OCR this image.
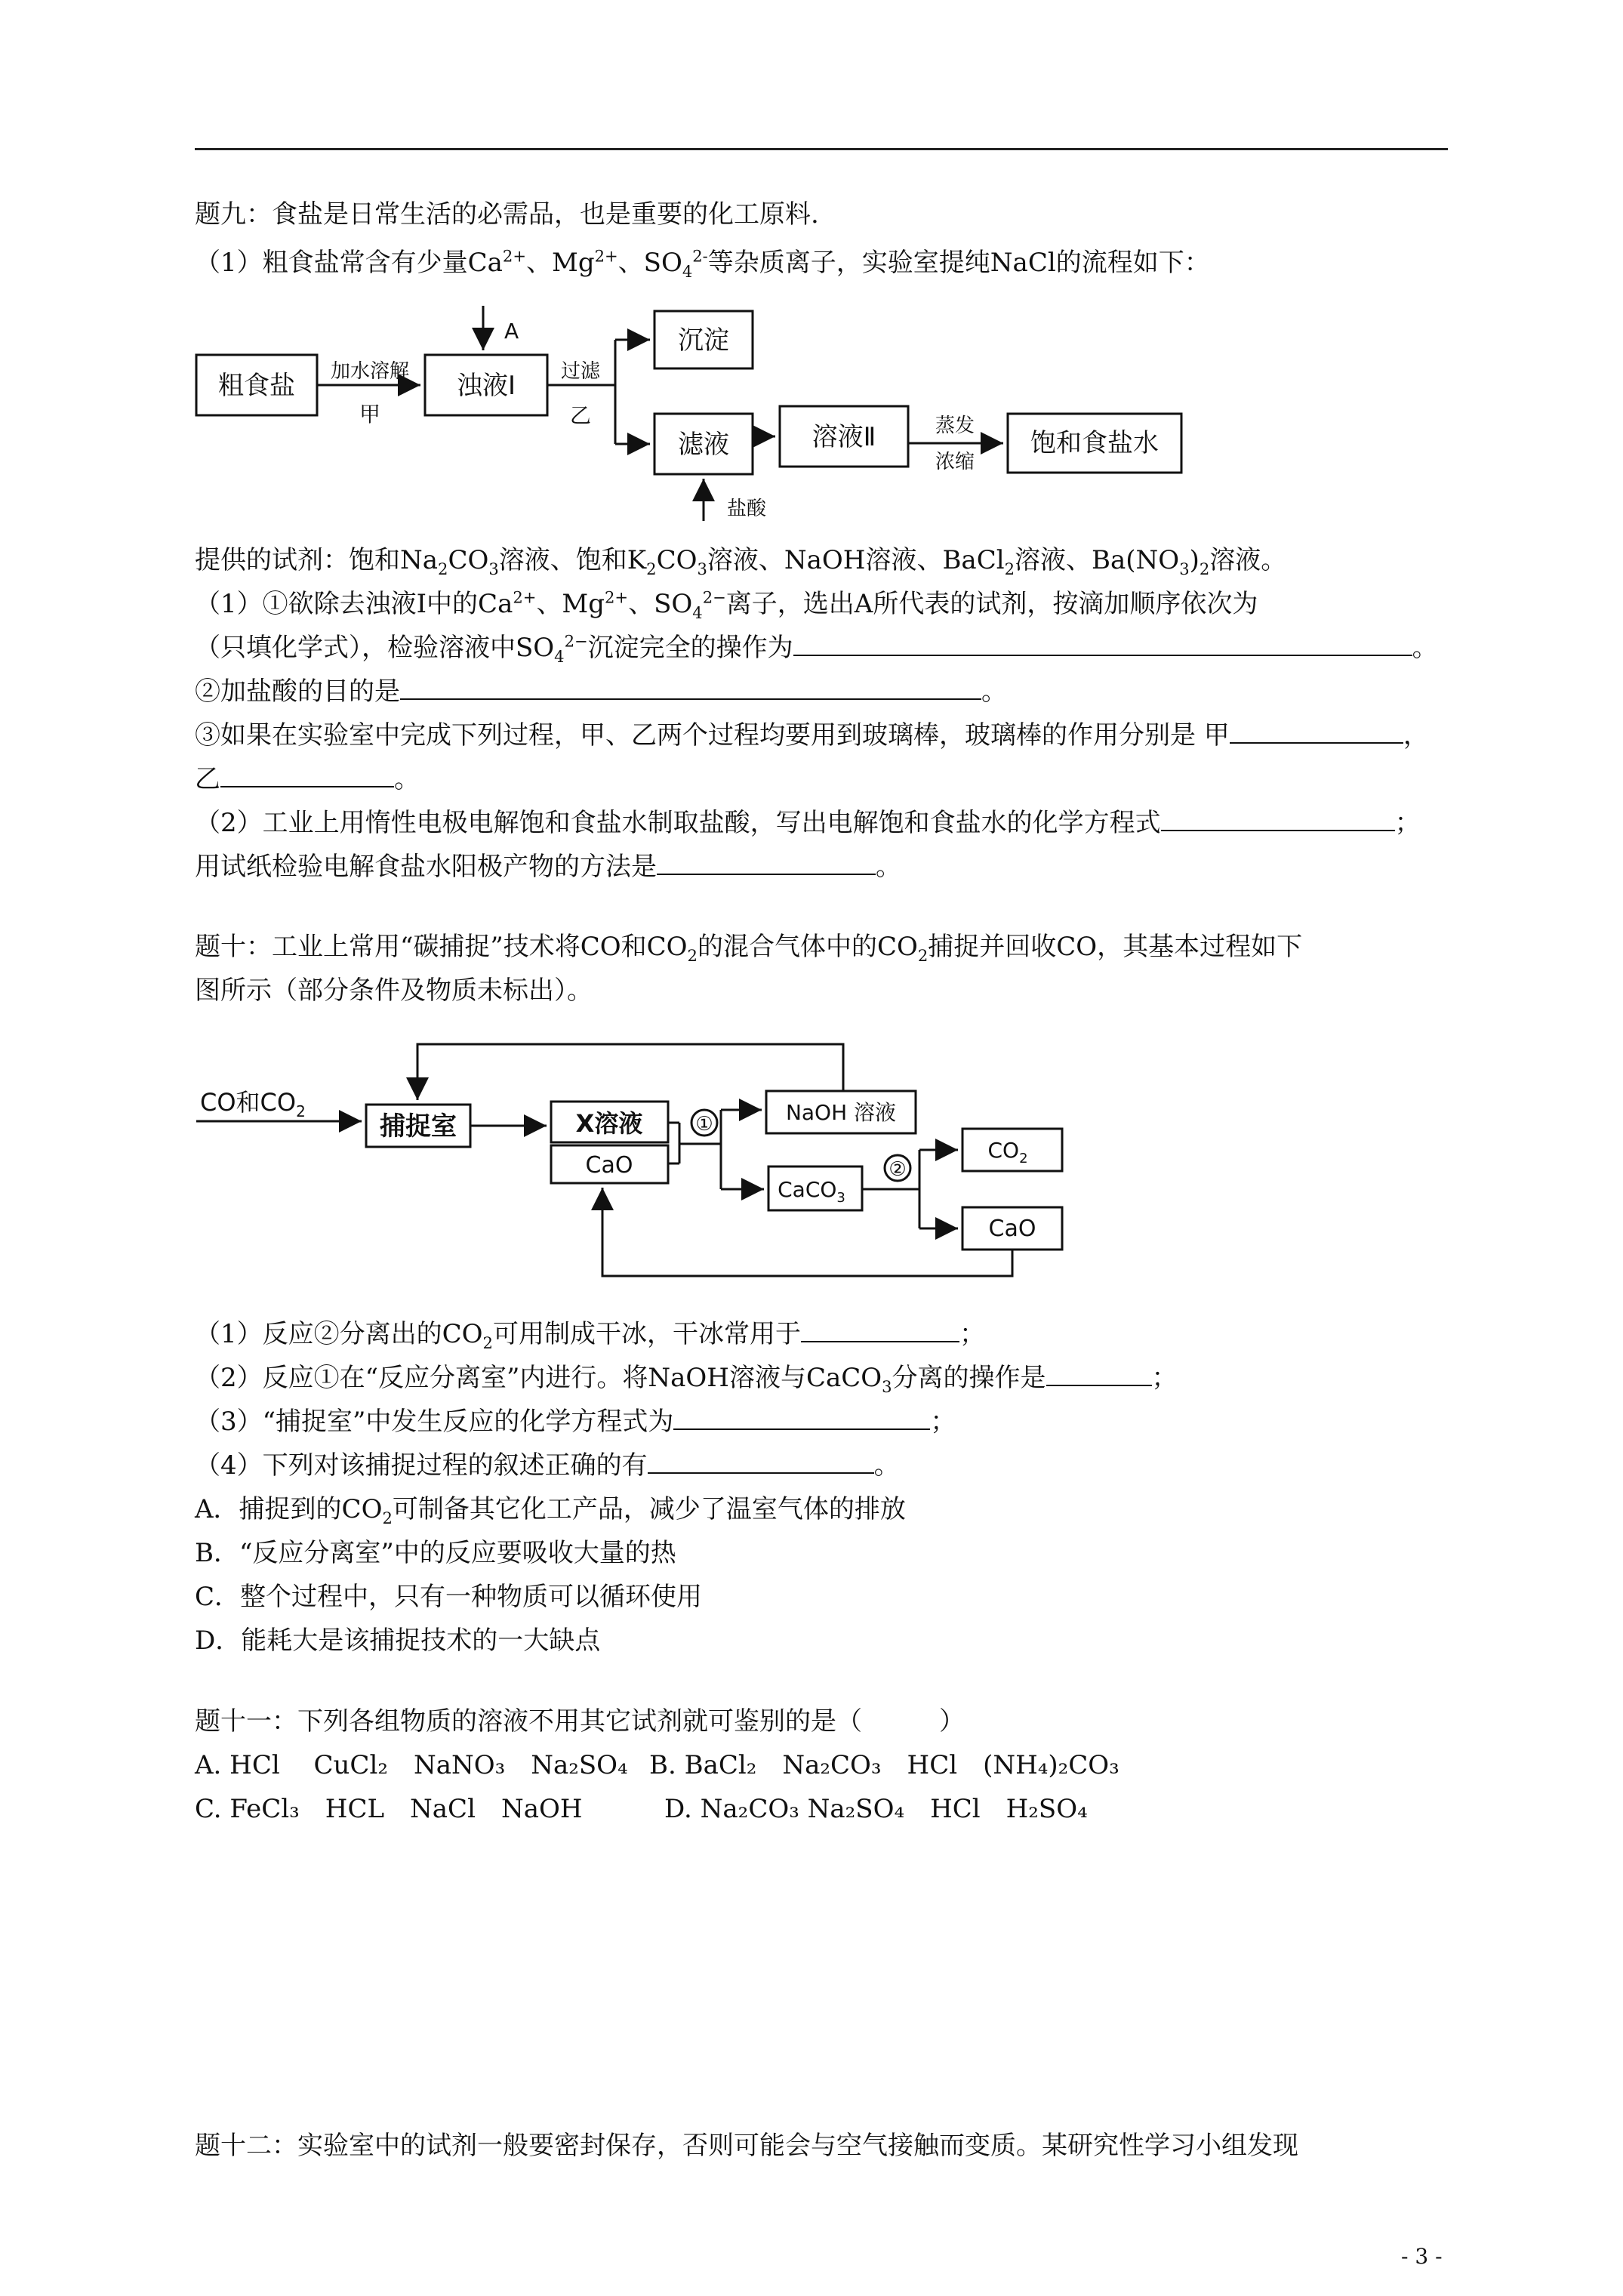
题九：食盐是日常生活的必需品，也是重要的化工原料.
（1）粗食盐常含有少量$Ca^{2+}$、$Mg^{2+}$、$SO_4^{2-}$等杂质离子，实验室提纯NaCl的流程如下：
粗食盐 加水溶解
甲
浊液Ⅰ
A
过滤
乙
沉淀
滤液
盐酸
溶液Ⅱ	蒸发
浓缩
饱和食盐水
提供的试剂：饱和$Na_2CO_3$溶液、饱和$K_2CO_3$溶液、NaOH溶液、BaCl$_2$溶液、$Ba(NO_3)_2$溶液。
（1）①欲除去浊液Ⅰ中的$Ca^{2+}$、$Mg^{2+}$、$SO_4^{2-}$离子，选出A所代表的试剂，按滴加顺序依次为
（只填化学式），检验溶液中$SO_4^{2-}$沉淀完全的操作为	。
②加盐酸的目的是	。
③如果在实验室中完成下列过程，甲、乙两个过程均要用到玻璃棒，玻璃棒的作用分别是 甲	，
乙	。
（2）工业上用惰性电极电解饱和食盐水制取盐酸，写出电解饱和食盐水的化学方程式	；
用试纸检验电解食盐水阳极产物的方法是	。
题十：工业上常用“碳捕捉”技术将CO和$CO_2$的混合气体中的$CO_2$捕捉并回收CO，其基本过程如下
图所示（部分条件及物质未标出）。
CO和$CO_2$	捕捉室	X溶液
CaO
①	NaOH 溶液
CaCO$_3$
②
$CO_2$
CaO
（1）反应②分离出的$CO_2$可用制成干冰，干冰常用于	；
（2）反应①在“反应分离室”内进行。将NaOH溶液与CaCO$_3$分离的操作是	；
（3）“捕捉室”中发生反应的化学方程式为	；
（4）下列对该捕捉过程的叙述正确的有	。
A．捕捉到的$CO_2$可制备其它化工产品，减少了温室气体的排放
B．“反应分离室”中的反应要吸收大量的热
C．整个过程中，只有一种物质可以循环使用
D．能耗大是该捕捉技术的一大缺点
题十一：下列各组物质的溶液不用其它试剂就可鉴别的是（　　　）
A. HCl　 CuCl₂　NaNO₃　Na₂SO₄ B. BaCl₂　Na₂CO₃　HCl　(NH₄)₂CO₃
C. FeCl₃　HCL　NaCl　NaOH	D. Na₂CO₃ Na₂SO₄　HCl　H₂SO₄
题十二：实验室中的试剂一般要密封保存，否则可能会与空气接触而变质。某研究性学习小组发现
- 3 -
